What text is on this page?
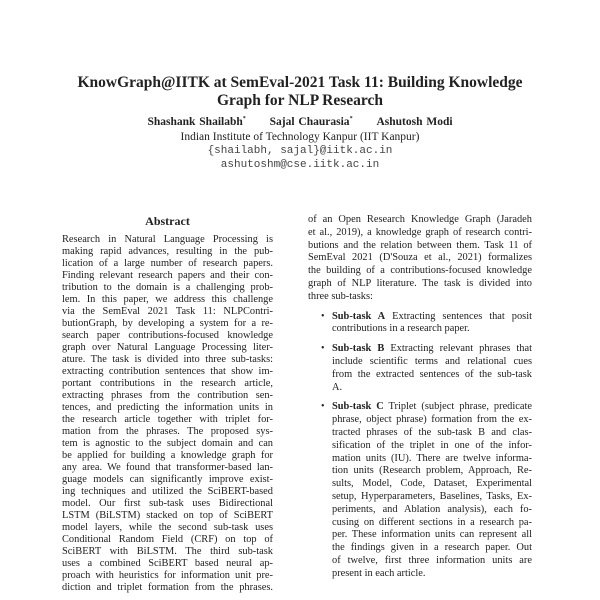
KnowGraph@IITK at SemEval-2021 Task 11: Building Knowledge
Graph for NLP Research
Shashank Shailabh* Sajal Chaurasia* Ashutosh Modi
Indian Institute of Technology Kanpur (IIT Kanpur)
{shailabh, sajal}@iitk.ac.in
ashutoshm@cse.iitk.ac.in
Abstract
Research in Natural Language Processing is
making rapid advances, resulting in the pub-
lication of a large number of research papers.
Finding relevant research papers and their con-
tribution to the domain is a challenging prob-
lem. In this paper, we address this challenge
via the SemEval 2021 Task 11: NLPContri-
butionGraph, by developing a system for a re-
search paper contributions-focused knowledge
graph over Natural Language Processing liter-
ature. The task is divided into three sub-tasks:
extracting contribution sentences that show im-
portant contributions in the research article,
extracting phrases from the contribution sen-
tences, and predicting the information units in
the research article together with triplet for-
mation from the phrases. The proposed sys-
tem is agnostic to the subject domain and can
be applied for building a knowledge graph for
any area. We found that transformer-based lan-
guage models can significantly improve exist-
ing techniques and utilized the SciBERT-based
model. Our first sub-task uses Bidirectional
LSTM (BiLSTM) stacked on top of SciBERT
model layers, while the second sub-task uses
Conditional Random Field (CRF) on top of
SciBERT with BiLSTM. The third sub-task
uses a combined SciBERT based neural ap-
proach with heuristics for information unit pre-
diction and triplet formation from the phrases.
of an Open Research Knowledge Graph (Jaradeh
et al., 2019), a knowledge graph of research contri-
butions and the relation between them. Task 11 of
SemEval 2021 (D'Souza et al., 2021) formalizes
the building of a contributions-focused knowledge
graph of NLP literature. The task is divided into
three sub-tasks:
• Sub-task A Extracting sentences that posit
contributions in a research paper.
• Sub-task B Extracting relevant phrases that
include scientific terms and relational cues
from the extracted sentences of the sub-task
A.
• Sub-task C Triplet (subject phrase, predicate
phrase, object phrase) formation from the ex-
tracted phrases of the sub-task B and clas-
sification of the triplet in one of the infor-
mation units (IU). There are twelve informa-
tion units (Research problem, Approach, Re-
sults, Model, Code, Dataset, Experimental
setup, Hyperparameters, Baselines, Tasks, Ex-
periments, and Ablation analysis), each fo-
cusing on different sections in a research pa-
per. These information units can represent all
the findings given in a research paper. Out
of twelve, first three information units are
present in each article.
